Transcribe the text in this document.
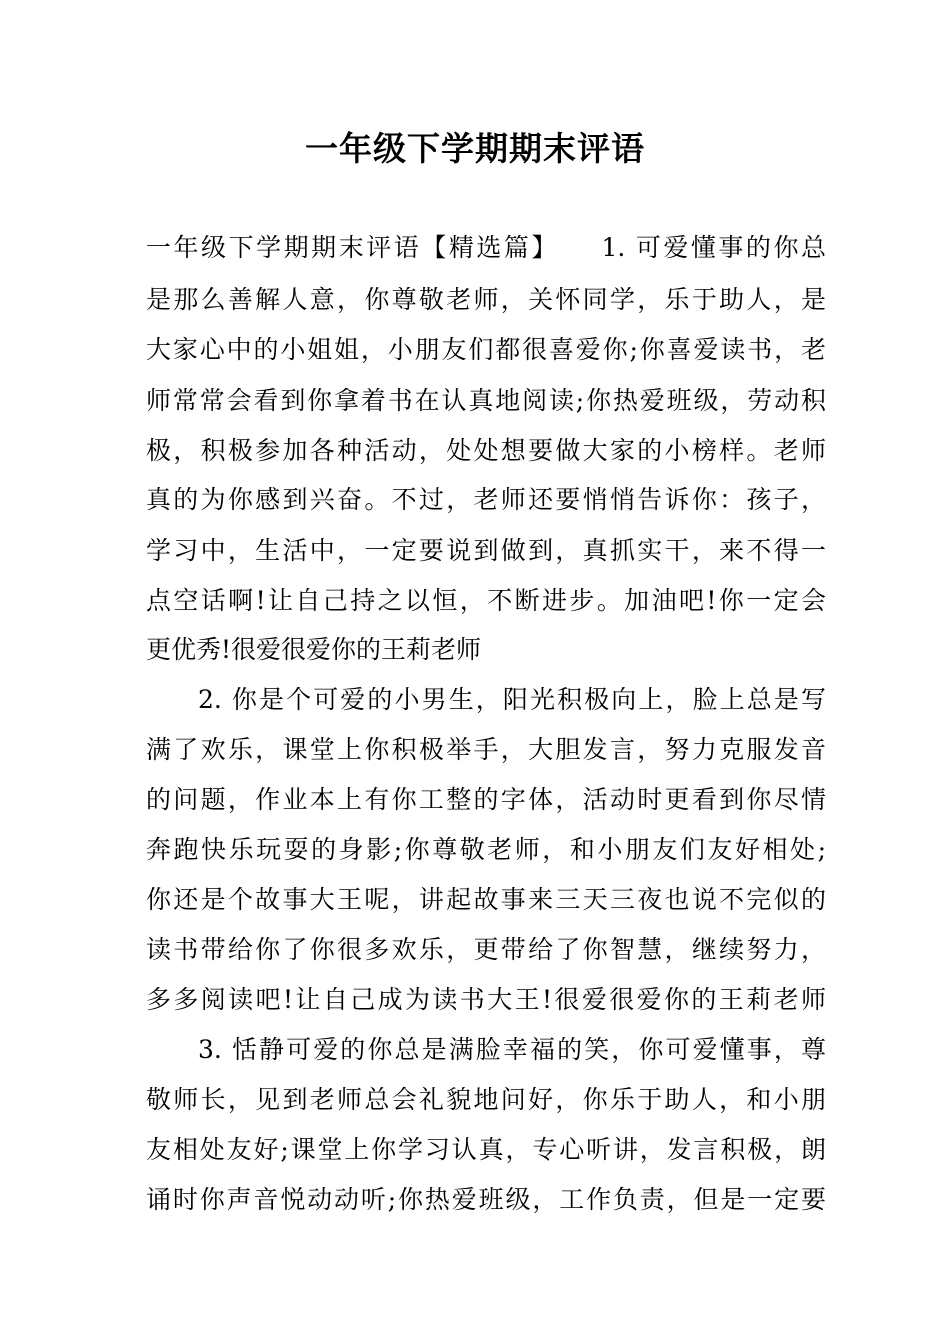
一年级下学期期末评语
一年级下学期期末评语【精选篇】　　1. 可爱懂事的你总
是那么善解人意，你尊敬老师，关怀同学，乐于助人，是
大家心中的小姐姐，小朋友们都很喜爱你;你喜爱读书，老
师常常会看到你拿着书在认真地阅读;你热爱班级，劳动积
极，积极参加各种活动，处处想要做大家的小榜样。老师
真的为你感到兴奋。不过，老师还要悄悄告诉你：孩子，
学习中，生活中，一定要说到做到，真抓实干，来不得一
点空话啊!让自己持之以恒，不断进步。加油吧!你一定会
更优秀!很爱很爱你的王莉老师
2. 你是个可爱的小男生，阳光积极向上，脸上总是写
满了欢乐，课堂上你积极举手，大胆发言，努力克服发音
的问题，作业本上有你工整的字体，活动时更看到你尽情
奔跑快乐玩耍的身影;你尊敬老师，和小朋友们友好相处;
你还是个故事大王呢，讲起故事来三天三夜也说不完似的
读书带给你了你很多欢乐，更带给了你智慧，继续努力，
多多阅读吧!让自己成为读书大王!很爱很爱你的王莉老师
3. 恬静可爱的你总是满脸幸福的笑，你可爱懂事，尊
敬师长，见到老师总会礼貌地问好，你乐于助人，和小朋
友相处友好;课堂上你学习认真，专心听讲，发言积极，朗
诵时你声音悦动动听;你热爱班级，工作负责，但是一定要
